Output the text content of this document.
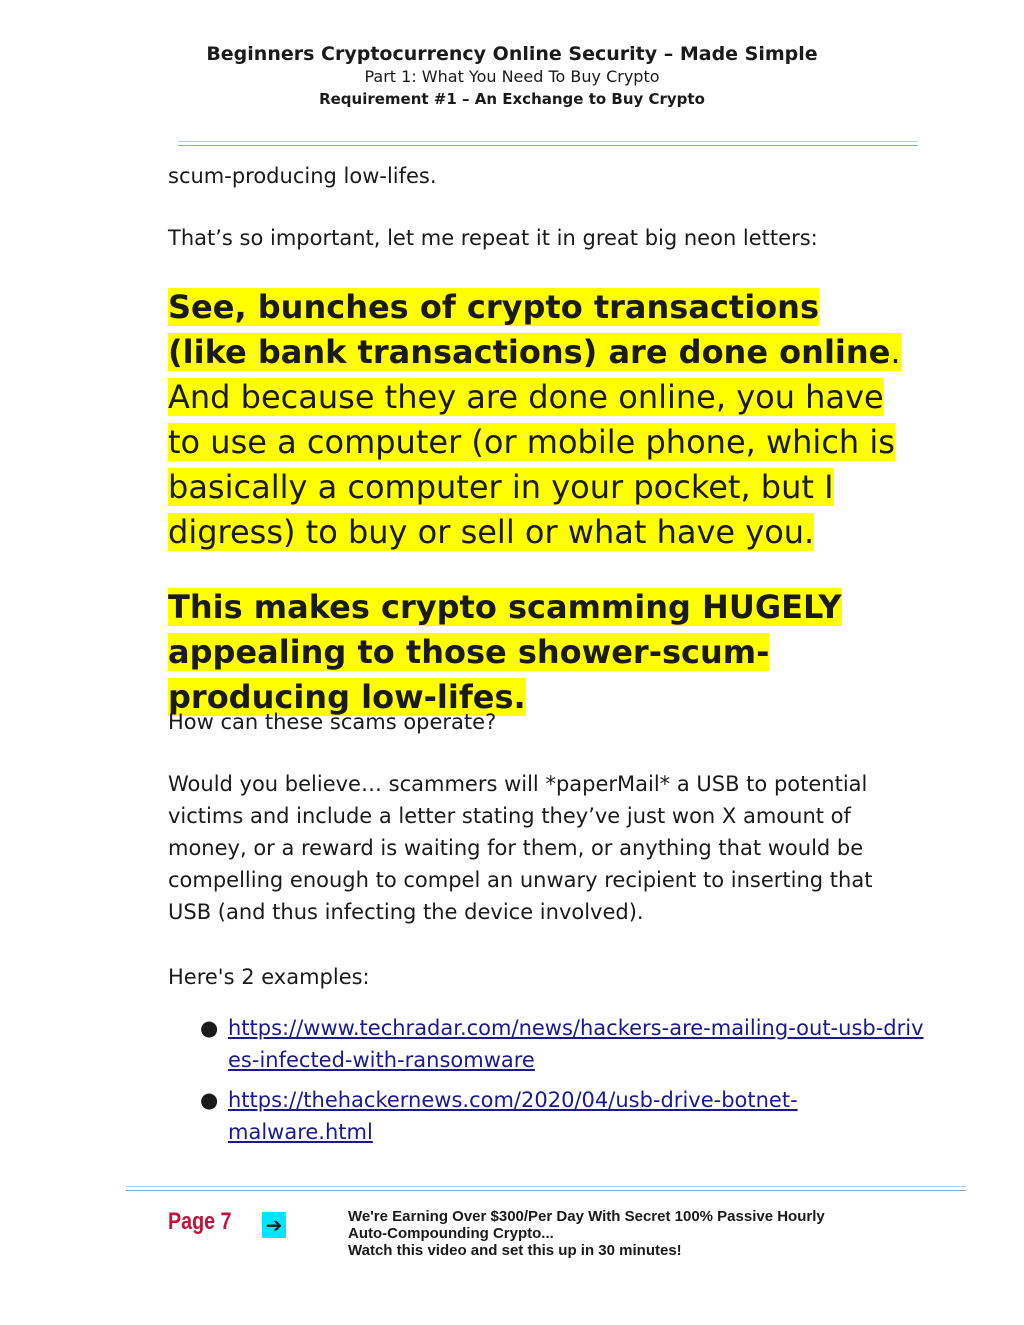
Beginners Cryptocurrency Online Security – Made Simple
Part 1: What You Need To Buy Crypto
Requirement #1 – An Exchange to Buy Crypto

scum-producing low-lifes.

That’s so important, let me repeat it in great big neon letters:

See, bunches of crypto transactions (like bank transactions) are done online. And because they are done online, you have to use a computer (or mobile phone, which is basically a computer in your pocket, but I digress) to buy or sell or what have you.

This makes crypto scamming HUGELY appealing to those shower-scum-producing low-lifes.

How can these scams operate?

Would you believe… scammers will *paperMail* a USB to potential victims and include a letter stating they’ve just won X amount of money, or a reward is waiting for them, or anything that would be compelling enough to compel an unwary recipient to inserting that USB (and thus infecting the device involved).

Here's 2 examples:

● https://www.techradar.com/news/hackers-are-mailing-out-usb-drives-infected-with-ransomware
● https://thehackernews.com/2020/04/usb-drive-botnet-malware.html
Page 7 ➔	We're Earning Over $300/Per Day With Secret 100% Passive Hourly
Auto-Compounding Crypto...
Watch this video and set this up in 30 minutes!
